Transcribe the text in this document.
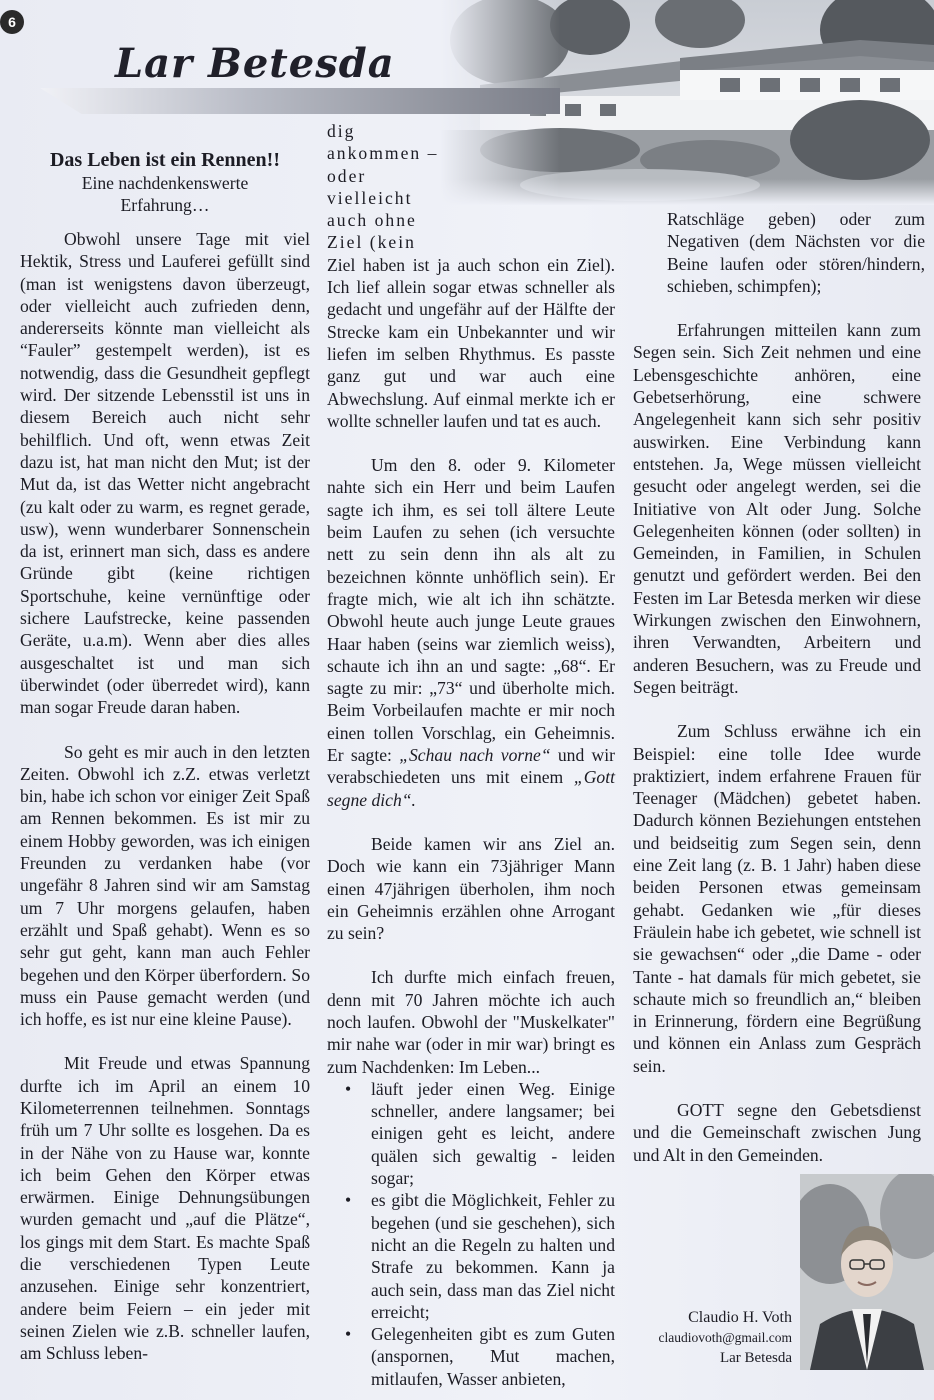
6
Lar Betesda
Das Leben ist ein Rennen!!
Eine nachdenkenswerte
Erfahrung…

Obwohl unsere Tage mit viel Hektik, Stress und Lauferei gefüllt sind (man ist wenigstens davon überzeugt, oder vielleicht auch zufrieden denn, andererseits könnte man vielleicht als “Fauler” gestempelt werden), ist es notwendig, dass die Gesundheit gepflegt wird. Der sitzende Lebensstil ist uns in diesem Bereich auch nicht sehr behilflich. Und oft, wenn etwas Zeit dazu ist, hat man nicht den Mut; ist der Mut da, ist das Wetter nicht angebracht (zu kalt oder zu warm, es regnet gerade, usw), wenn wunderbarer Sonnenschein da ist, erinnert man sich, dass es andere Gründe gibt (keine richtigen Sportschuhe, keine vernünftige oder sichere Laufstrecke, keine passenden Geräte, u.a.m). Wenn aber dies alles ausgeschaltet ist und man sich überwindet (oder überredet wird), kann man sogar Freude daran haben.

So geht es mir auch in den letzten Zeiten. Obwohl ich z.Z. etwas verletzt bin, habe ich schon vor einiger Zeit Spaß am Rennen bekommen. Es ist mir zu einem Hobby geworden, was ich einigen Freunden zu verdanken habe (vor ungefähr 8 Jahren sind wir am Samstag um 7 Uhr morgens gelaufen, haben erzählt und Spaß gehabt). Wenn es so sehr gut geht, kann man auch Fehler begehen und den Körper überfordern. So muss ein Pause gemacht werden (und ich hoffe, es ist nur eine kleine Pause).

Mit Freude und etwas Spannung durfte ich im April an einem 10 Kilometerrennen teilnehmen. Sonntags früh um 7 Uhr sollte es losgehen. Da es in der Nähe von zu Hause war, konnte ich beim Gehen den Körper etwas erwärmen. Einige Dehnungsübungen wurden gemacht und „auf die Plätze“, los gings mit dem Start. Es machte Spaß die verschiedenen Typen Leute anzusehen. Einige sehr konzentriert, andere beim Feiern – ein jeder mit seinen Zielen wie z.B. schneller laufen, am Schluss leben-

dig ankommen – oder vielleicht auch ohne Ziel (kein

Ziel haben ist ja auch schon ein Ziel). Ich lief allein sogar etwas schneller als gedacht und ungefähr auf der Hälfte der Strecke kam ein Unbekannter und wir liefen im selben Rhythmus. Es passte ganz gut und war auch eine Abwechslung. Auf einmal merkte ich er wollte schneller laufen und tat es auch.

Um den 8. oder 9. Kilometer nahte sich ein Herr und beim Laufen sagte ich ihm, es sei toll ältere Leute beim Laufen zu sehen (ich versuchte nett zu sein denn ihn als alt zu bezeichnen könnte unhöflich sein). Er fragte mich, wie alt ich ihn schätzte. Obwohl heute auch junge Leute graues Haar haben (seins war ziemlich weiss), schaute ich ihn an und sagte: „68“. Er sagte zu mir: „73“ und überholte mich. Beim Vorbeilaufen machte er mir noch einen tollen Vorschlag, ein Geheimnis. Er sagte: „Schau nach vorne“ und wir verabschiedeten uns mit einem „Gott segne dich“.

Beide kamen wir ans Ziel an. Doch wie kann ein 73jähriger Mann einen 47jährigen überholen, ihm noch ein Geheimnis erzählen ohne Arrogant zu sein?

Ich durfte mich einfach freuen, denn mit 70 Jahren möchte ich auch noch laufen. Obwohl der "Muskelkater" mir nahe war (oder in mir war) bringt es zum Nachdenken: Im Leben...

• läuft jeder einen Weg. Einige schneller, andere langsamer; bei einigen geht es leicht, andere quälen sich gewaltig - leiden sogar;
• es gibt die Möglichkeit, Fehler zu begehen (und sie geschehen), sich nicht an die Regeln zu halten und Strafe zu bekommen. Kann ja auch sein, dass man das Ziel nicht erreicht;
• Gelegenheiten gibt es zum Guten (anspornen, Mut machen, mitlaufen, Wasser anbieten,

Ratschläge geben) oder zum Negativen (dem Nächsten vor die Beine laufen oder stören/hindern, schieben, schimpfen);

Erfahrungen mitteilen kann zum Segen sein. Sich Zeit nehmen und eine Lebensgeschichte anhören, eine Gebetserhörung, eine schwere Angelegenheit kann sich sehr positiv auswirken. Eine Verbindung kann entstehen. Ja, Wege müssen vielleicht gesucht oder angelegt werden, sei die Initiative von Alt oder Jung. Solche Gelegenheiten können (oder sollten) in Gemeinden, in Familien, in Schulen genutzt und gefördert werden. Bei den Festen im Lar Betesda merken wir diese Wirkungen zwischen den Einwohnern, ihren Verwandten, Arbeitern und anderen Besuchern, was zu Freude und Segen beiträgt.

Zum Schluss erwähne ich ein Beispiel: eine tolle Idee wurde praktiziert, indem erfahrene Frauen für Teenager (Mädchen) gebetet haben. Dadurch können Beziehungen entstehen und beidseitig zum Segen sein, denn eine Zeit lang (z. B. 1 Jahr) haben diese beiden Personen etwas gemeinsam gehabt. Gedanken wie „für dieses Fräulein habe ich gebetet, wie schnell ist sie gewachsen“ oder „die Dame - oder Tante - hat damals für mich gebetet, sie schaute mich so freundlich an,“ bleiben in Erinnerung, fördern eine Begrüßung und können ein Anlass zum Gespräch sein.

GOTT segne den Gebetsdienst und die Gemeinschaft zwischen Jung und Alt in den Gemeinden.

Claudio H. Voth
claudiovoth@gmail.com
Lar Betesda
